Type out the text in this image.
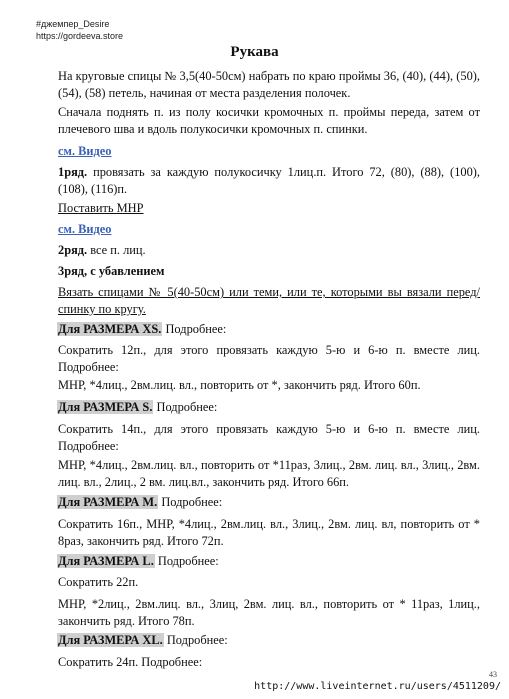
#джемпер_Desire
https://gordeeva.store
Рукава
На круговые спицы № 3,5(40-50см) набрать по краю проймы 36, (40), (44), (50), (54), (58) петель, начиная от места разделения полочек.
Сначала поднять п. из полу косички кромочных п. проймы переда, затем от плечевого шва и вдоль полукосички кромочных п. спинки.
см. Видео
1ряд. провязать за каждую полукосичку 1лиц.п. Итого 72, (80), (88), (100), (108), (116)п.
Поставить МНР
см. Видео
2ряд. все п. лиц.
3ряд, с убавлением
Вязать спицами № 5(40-50см) или теми, или те, которыми вы вязали перед/спинку по кругу.
Для РАЗМЕРА XS. Подробнее:
Сократить 12п., для этого провязать каждую 5-ю и 6-ю п. вместе лиц. Подробнее:
МНР, *4лиц., 2вм.лиц. вл., повторить от *, закончить ряд. Итого 60п.
Для РАЗМЕРА S. Подробнее:
Сократить 14п., для этого провязать каждую 5-ю и 6-ю п. вместе лиц. Подробнее:
МНР, *4лиц., 2вм.лиц. вл., повторить от *11раз, 3лиц., 2вм. лиц. вл., 3лиц., 2вм. лиц. вл., 2лиц., 2 вм. лиц.вл., закончить ряд. Итого 66п.
Для РАЗМЕРА М. Подробнее:
Сократить 16п., МНР, *4лиц., 2вм.лиц. вл., 3лиц., 2вм. лиц. вл, повторить от * 8раз, закончить ряд. Итого 72п.
Для РАЗМЕРА L. Подробнее:
Сократить 22п.
МНР, *2лиц., 2вм.лиц. вл., 3лиц, 2вм. лиц. вл., повторить от * 11раз, 1лиц., закончить ряд. Итого 78п.
Для РАЗМЕРА XL. Подробнее:
Сократить 24п. Подробнее:
43
http://www.liveinternet.ru/users/4511209/
